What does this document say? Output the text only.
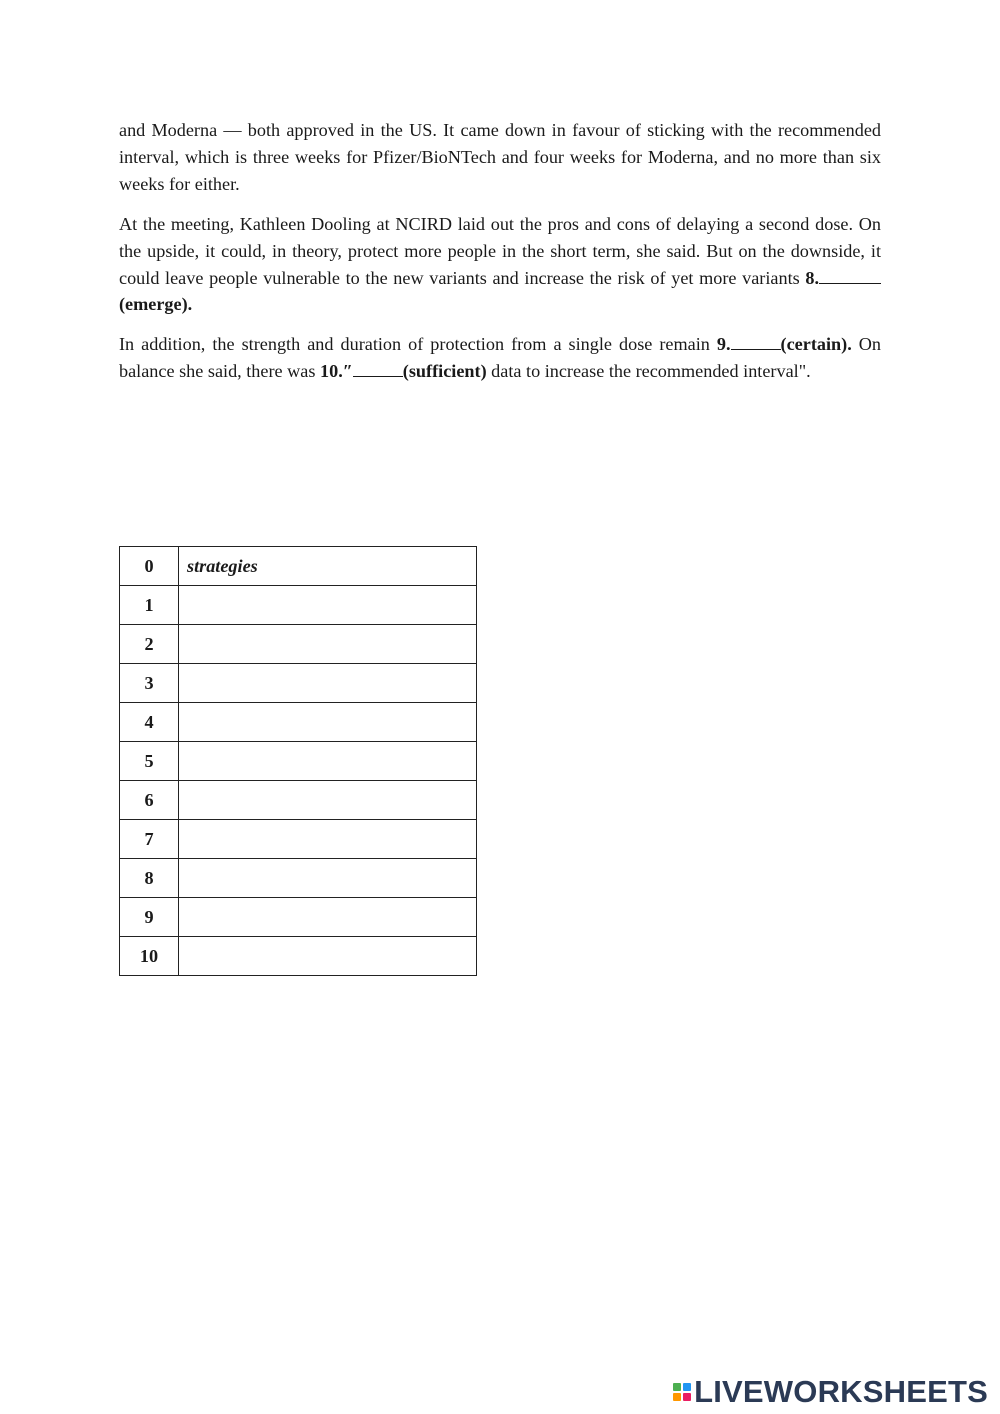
and Moderna — both approved in the US. It came down in favour of sticking with the recommended interval, which is three weeks for Pfizer/BioNTech and four weeks for Moderna, and no more than six weeks for either.

At the meeting, Kathleen Dooling at NCIRD laid out the pros and cons of delaying a second dose. On the upside, it could, in theory, protect more people in the short term, she said. But on the downside, it could leave people vulnerable to the new variants and increase the risk of yet more variants 8.(emerge).

In addition, the strength and duration of protection from a single dose remain 9.	(certain). On balance she said, there was 10.″	(sufficient) data to increase the recommended interval".

0	strategies
1	
2	
3	
4	
5	
6	
7	
8	
9	
10	
LIVEWORKSHEETS
